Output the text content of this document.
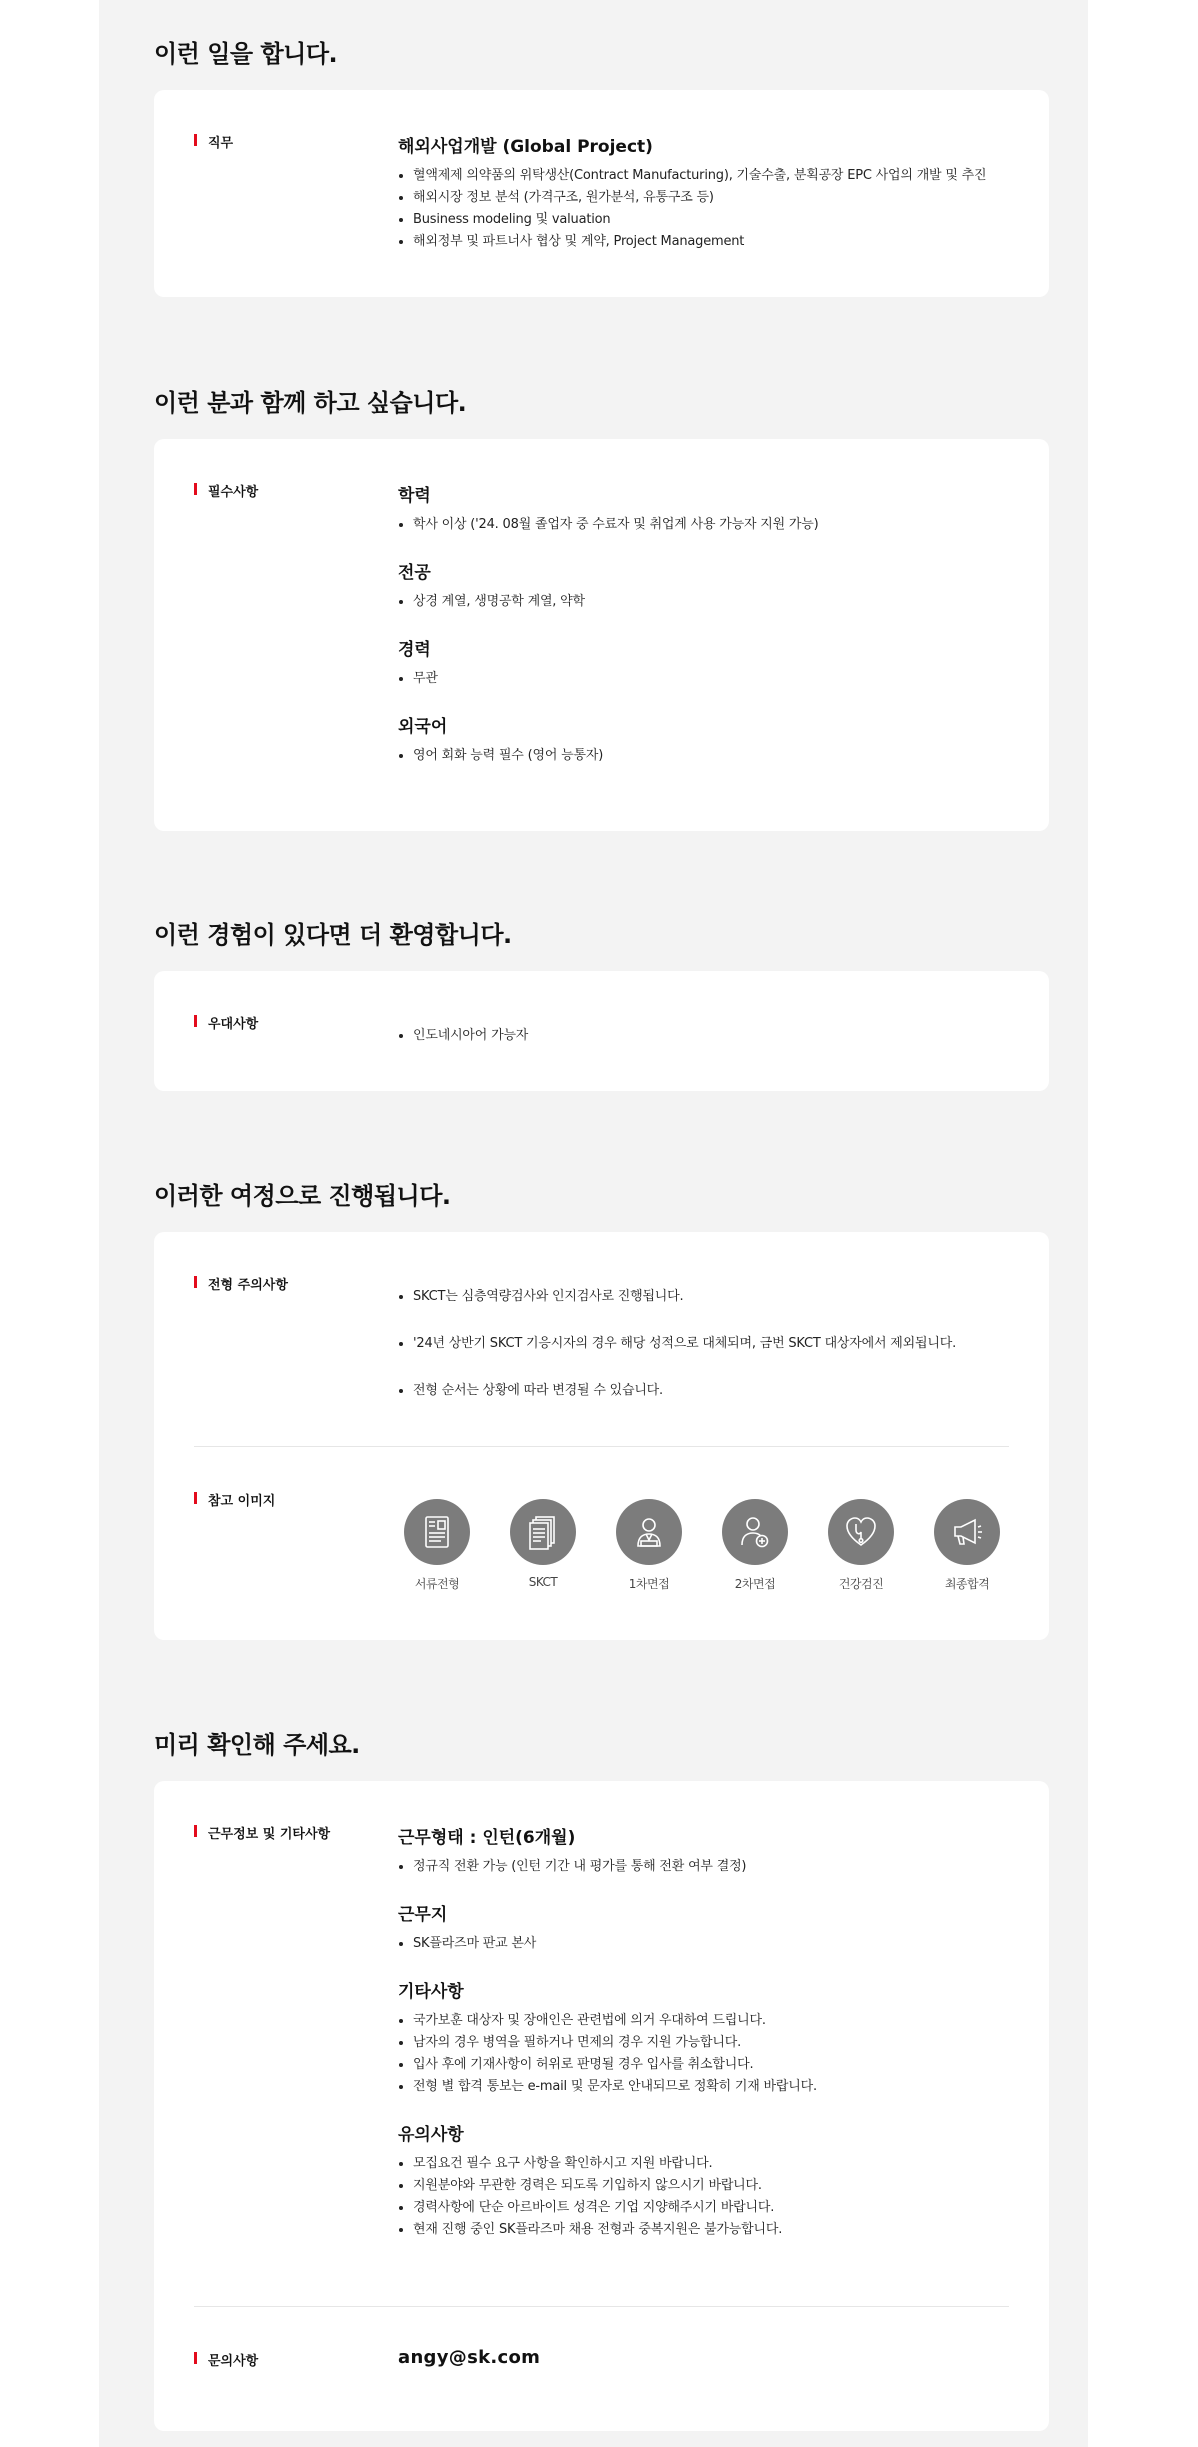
이런 일을 합니다.
직무	해외사업개발 (Global Project)
혈액제제 의약품의 위탁생산(Contract Manufacturing), 기술수출, 분획공장 EPC 사업의 개발 및 추진
해외시장 정보 분석 (가격구조, 원가분석, 유통구조 등)
Business modeling 및 valuation
해외정부 및 파트너사 협상 및 계약, Project Management
이런 분과 함께 하고 싶습니다.
필수사항	학력
학사 이상 ('24. 08월 졸업자 중 수료자 및 취업계 사용 가능자 지원 가능)
전공
상경 계열, 생명공학 계열, 약학
경력
무관
외국어
영어 회화 능력 필수 (영어 능통자)
이런 경험이 있다면 더 환영합니다.
우대사항
인도네시아어 가능자
이러한 여정으로 진행됩니다.
전형 주의사항
SKCT는 심층역량검사와 인지검사로 진행됩니다.
'24년 상반기 SKCT 기응시자의 경우 해당 성적으로 대체되며, 금번 SKCT 대상자에서 제외됩니다.
전형 순서는 상황에 따라 변경될 수 있습니다.
참고 이미지
서류전형	SKCT	1차면접	2차면접	건강검진	최종합격
미리 확인해 주세요.
근무정보 및 기타사항	근무형태 : 인턴(6개월)
정규직 전환 가능 (인턴 기간 내 평가를 통해 전환 여부 결정)
근무지
SK플라즈마 판교 본사
기타사항
국가보훈 대상자 및 장애인은 관련법에 의거 우대하여 드립니다.
남자의 경우 병역을 필하거나 면제의 경우 지원 가능합니다.
입사 후에 기재사항이 허위로 판명될 경우 입사를 취소합니다.
전형 별 합격 통보는 e-mail 및 문자로 안내되므로 정확히 기재 바랍니다.
유의사항
모집요건 필수 요구 사항을 확인하시고 지원 바랍니다.
지원분야와 무관한 경력은 되도록 기입하지 않으시기 바랍니다.
경력사항에 단순 아르바이트 성격은 기업 지양해주시기 바랍니다.
현재 진행 중인 SK플라즈마 채용 전형과 중복지원은 불가능합니다.
문의사항	angy@sk.com
